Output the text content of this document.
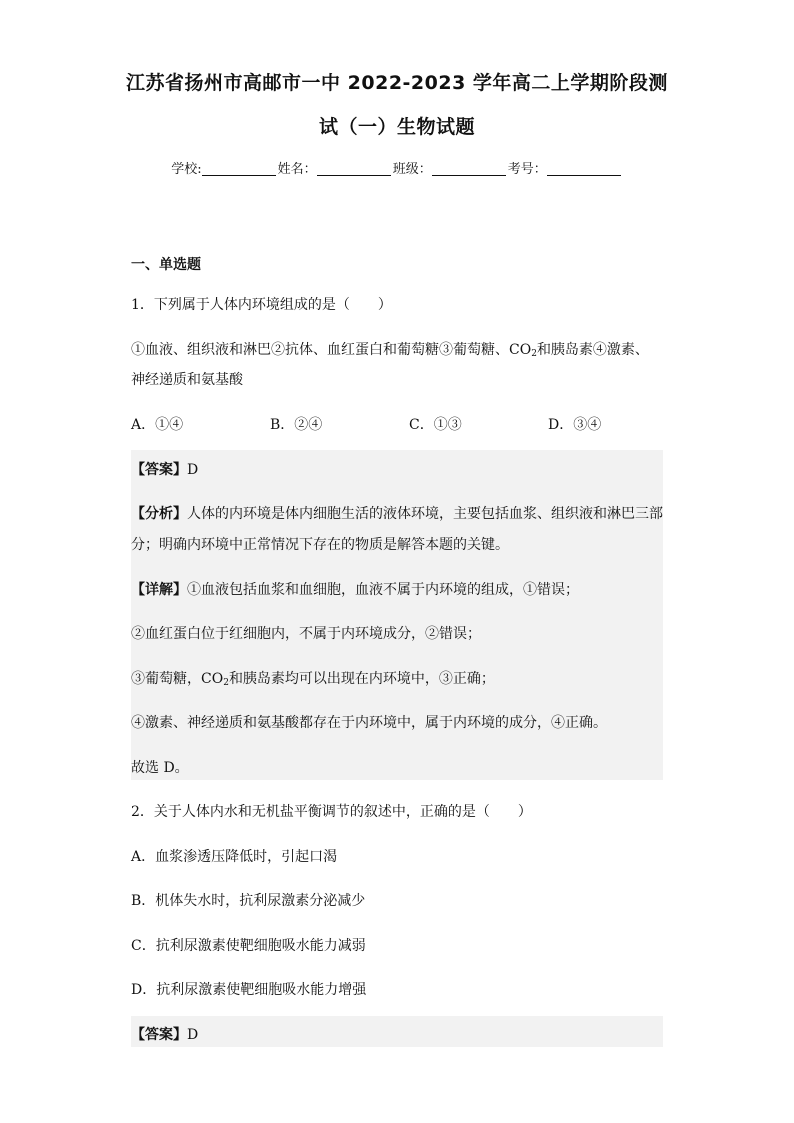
江苏省扬州市高邮市一中 2022-2023 学年高二上学期阶段测
试（一）生物试题
学校:	姓名：	班级：	考号：
一、单选题
1．下列属于人体内环境组成的是（　　）
①血液、组织液和淋巴②抗体、血红蛋白和葡萄糖③葡萄糖、$CO_2$和胰岛素④激素、
神经递质和氨基酸
A．①④	B．②④	C．①③	D．③④
【答案】D
【分析】人体的内环境是体内细胞生活的液体环境，主要包括血浆、组织液和淋巴三部
分；明确内环境中正常情况下存在的物质是解答本题的关键。
【详解】①血液包括血浆和血细胞，血液不属于内环境的组成，①错误；
②血红蛋白位于红细胞内，不属于内环境成分，②错误；
③葡萄糖，$CO_2$和胰岛素均可以出现在内环境中，③正确；
④激素、神经递质和氨基酸都存在于内环境中，属于内环境的成分，④正确。
故选 D。
2．关于人体内水和无机盐平衡调节的叙述中，正确的是（　　）
A．血浆渗透压降低时，引起口渴
B．机体失水时，抗利尿激素分泌减少
C．抗利尿激素使靶细胞吸水能力减弱
D．抗利尿激素使靶细胞吸水能力增强
【答案】D
